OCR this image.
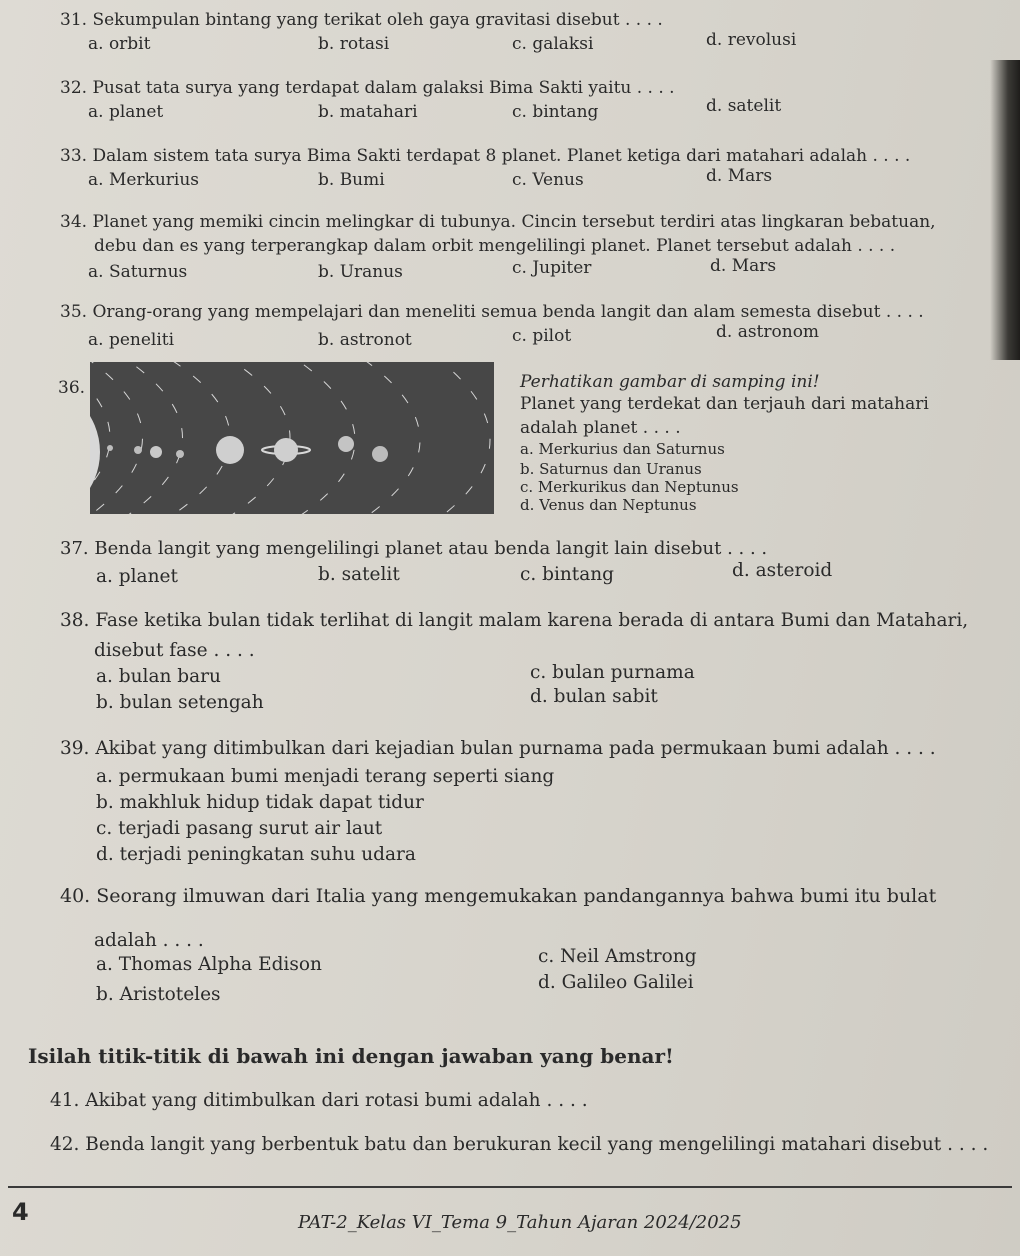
31. Sekumpulan bintang yang terikat oleh gaya gravitasi disebut . . . .
a. orbit	b. rotasi	c. galaksi	d. revolusi
32. Pusat tata surya yang terdapat dalam galaksi Bima Sakti yaitu . . . .
a. planet	b. matahari	c. bintang	d. satelit
33. Dalam sistem tata surya Bima Sakti terdapat 8 planet. Planet ketiga dari matahari adalah . . . .
a. Merkurius	b. Bumi	c. Venus	d. Mars
34. Planet yang memiki cincin melingkar di tubunya. Cincin tersebut terdiri atas lingkaran bebatuan,
debu dan es yang terperangkap dalam orbit mengelilingi planet. Planet tersebut adalah . . . .
a. Saturnus	b. Uranus	c. Jupiter	d. Mars
35. Orang-orang yang mempelajari dan meneliti semua benda langit dan alam semesta disebut . . . .
a. peneliti	b. astronot	c. pilot	d. astronom
36.	Perhatikan gambar di samping ini!
Planet yang terdekat dan terjauh dari matahari
adalah planet . . . .
a. Merkurius dan Saturnus
b. Saturnus dan Uranus
c. Merkurikus dan Neptunus
d. Venus dan Neptunus
37. Benda langit yang mengelilingi planet atau benda langit lain disebut . . . .
a. planet	b. satelit	c. bintang	d. asteroid
38. Fase ketika bulan tidak terlihat di langit malam karena berada di antara Bumi dan Matahari,
disebut fase . . . .
a. bulan baru
b. bulan setengah
c. bulan purnama
d. bulan sabit
39. Akibat yang ditimbulkan dari kejadian bulan purnama pada permukaan bumi adalah . . . .
a. permukaan bumi menjadi terang seperti siang
b. makhluk hidup tidak dapat tidur
c. terjadi pasang surut air laut
d. terjadi peningkatan suhu udara
40. Seorang ilmuwan dari Italia yang mengemukakan pandangannya bahwa bumi itu bulat
adalah . . . .
a. Thomas Alpha Edison
b. Aristoteles
c. Neil Amstrong
d. Galileo Galilei
Isilah titik-titik di bawah ini dengan jawaban yang benar!
41. Akibat yang ditimbulkan dari rotasi bumi adalah . . . .
42. Benda langit yang berbentuk batu dan berukuran kecil yang mengelilingi matahari disebut . . . .
4	PAT-2_Kelas VI_Tema 9_Tahun Ajaran 2024/2025
